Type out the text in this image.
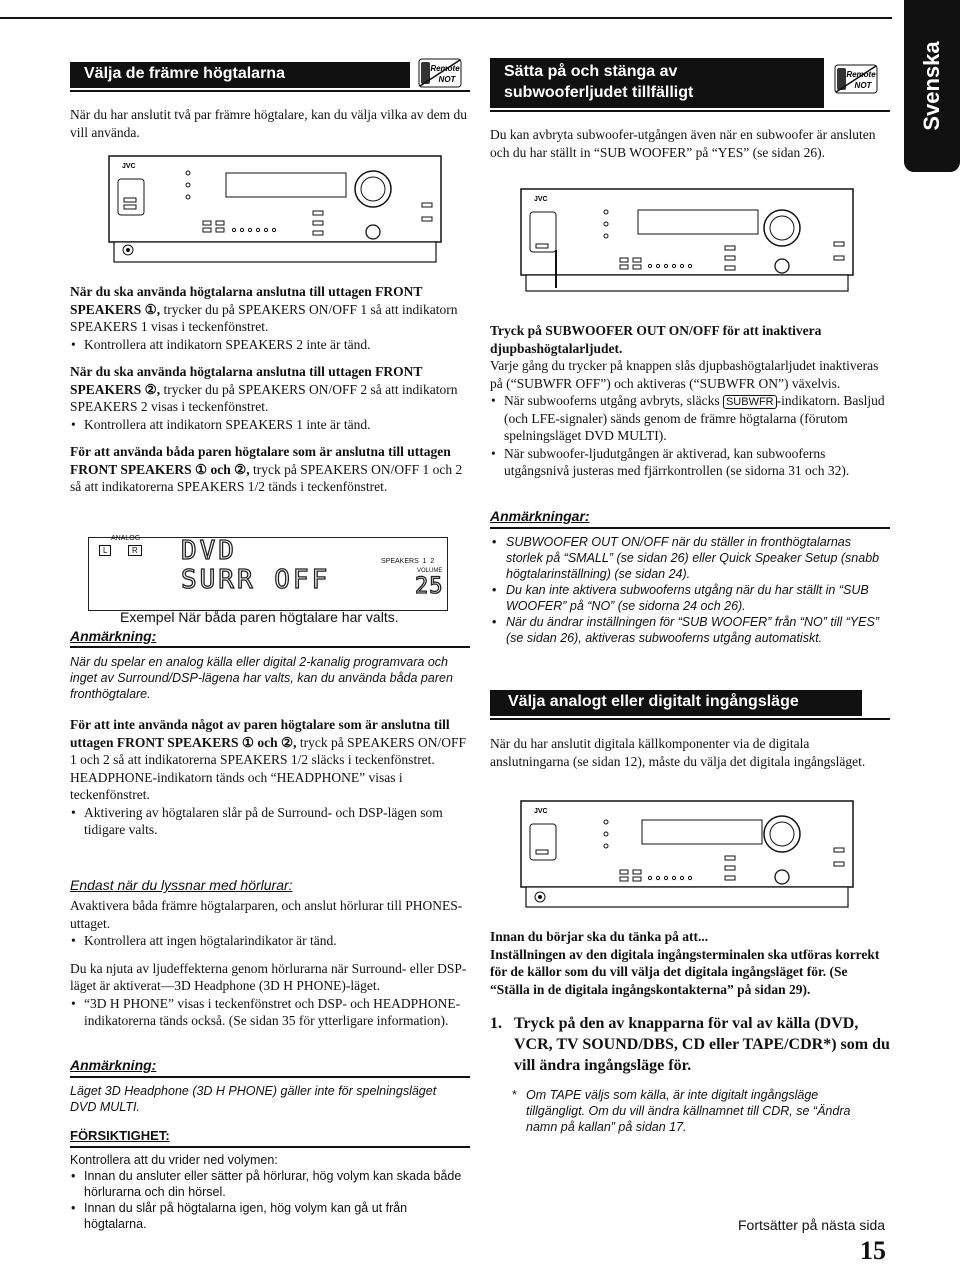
Svenska
Välja de främre högtalarna	Remote
NOT

När du har anslutit två par främre högtalare, kan du välja vilka av dem du vill använda.

JVC

När du ska använda högtalarna anslutna till uttagen FRONT SPEAKERS ①, trycker du på SPEAKERS ON/OFF 1 så att indikatorn SPEAKERS 1 visas i teckenfönstret.

• Kontrollera att indikatorn SPEAKERS 2 inte är tänd.

När du ska använda högtalarna anslutna till uttagen FRONT SPEAKERS ②, trycker du på SPEAKERS ON/OFF 2 så att indikatorn SPEAKERS 2 visas i teckenfönstret.

• Kontrollera att indikatorn SPEAKERS 1 inte är tänd.

För att använda båda paren högtalare som är anslutna till uttagen FRONT SPEAKERS ① och ②, tryck på SPEAKERS ON/OFF 1 och 2 så att indikatorerna SPEAKERS 1/2 tänds i teckenfönstret.

ANALOG
L	R DVD
SURR OFF
SPEAKERS  1  2
VOLUME
25

Exempel När båda paren högtalare har valts.

Anmärkning:

När du spelar en analog källa eller digital 2-kanalig programvara och inget av Surround/DSP-lägena har valts, kan du använda båda paren fronthögtalare.

För att inte använda något av paren högtalare som är anslutna till uttagen FRONT SPEAKERS ① och ②, tryck på SPEAKERS ON/OFF 1 och 2 så att indikatorerna SPEAKERS 1/2 släcks i teckenfönstret.

HEADPHONE-indikatorn tänds och “HEADPHONE” visas i teckenfönstret.

• Aktivering av högtalaren slår på de Surround- och DSP-lägen som tidigare valts.

Endast när du lyssnar med hörlurar:

Avaktivera båda främre högtalarparen, och anslut hörlurar till PHONES-uttaget.

• Kontrollera att ingen högtalarindikator är tänd.

Du ka njuta av ljudeffekterna genom hörlurarna när Surround- eller DSP-läget är aktiverat—3D Headphone (3D H PHONE)-läget.

• “3D H PHONE” visas i teckenfönstret och DSP- och HEADPHONE-indikatorerna tänds också. (Se sidan 35 för ytterligare information).

Anmärkning:

Läget 3D Headphone (3D H PHONE) gäller inte för spelningsläget DVD MULTI.

FÖRSIKTIGHET:

Kontrollera att du vrider ned volymen:

• Innan du ansluter eller sätter på hörlurar, hög volym kan skada både hörlurarna och din hörsel.

• Innan du slår på högtalarna igen, hög volym kan gå ut från högtalarna.

Sätta på och stänga av
subwooferljudet tillfälligt
Remote
NOT

Du kan avbryta subwoofer-utgången även när en subwoofer är ansluten och du har ställt in “SUB WOOFER” på “YES” (se sidan 26).

JVC

Tryck på SUBWOOFER OUT ON/OFF för att inaktivera djupbashögtalarljudet.

Varje gång du trycker på knappen slås djupbashögtalarljudet inaktiveras på (“SUBWFR OFF”) och aktiveras (“SUBWFR ON”) växelvis.

• När subwooferns utgång avbryts, släcks SUBWFR -indikatorn. Basljud (och LFE-signaler) sänds genom de främre högtalarna (förutom spelningsläget DVD MULTI).

• När subwoofer-ljudutgången är aktiverad, kan subwooferns utgångsnivå justeras med fjärrkontrollen (se sidorna 31 och 32).

Anmärkningar:

• SUBWOOFER OUT ON/OFF när du ställer in fronthögtalarnas storlek på “SMALL” (se sidan 26) eller Quick Speaker Setup (snabb högtalarinställning) (se sidan 24).

• Du kan inte aktivera subwooferns utgång när du har ställt in “SUB WOOFER” på “NO” (se sidorna 24 och 26).

• När du ändrar inställningen för “SUB WOOFER” från “NO” till “YES” (se sidan 26), aktiveras subwooferns utgång automatiskt.

Välja analogt eller digitalt ingångsläge

När du har anslutit digitala källkomponenter via de digitala anslutningarna (se sidan 12), måste du välja det digitala ingångsläget.

JVC

Innan du börjar ska du tänka på att...

Inställningen av den digitala ingångsterminalen ska utföras korrekt för de källor som du vill välja det digitala ingångsläget för. (Se “Ställa in de digitala ingångskontakterna” på sidan 29).

1. Tryck på den av knapparna för val av källa (DVD, VCR, TV SOUND/DBS, CD eller TAPE/CDR*) som du vill ändra ingångsläge för.

* Om TAPE väljs som källa, är inte digitalt ingångsläge tillgängligt. Om du vill ändra källnamnet till CDR, se “Ändra namn på kallan” på sidan 17.

Fortsätter på nästa sida

15
